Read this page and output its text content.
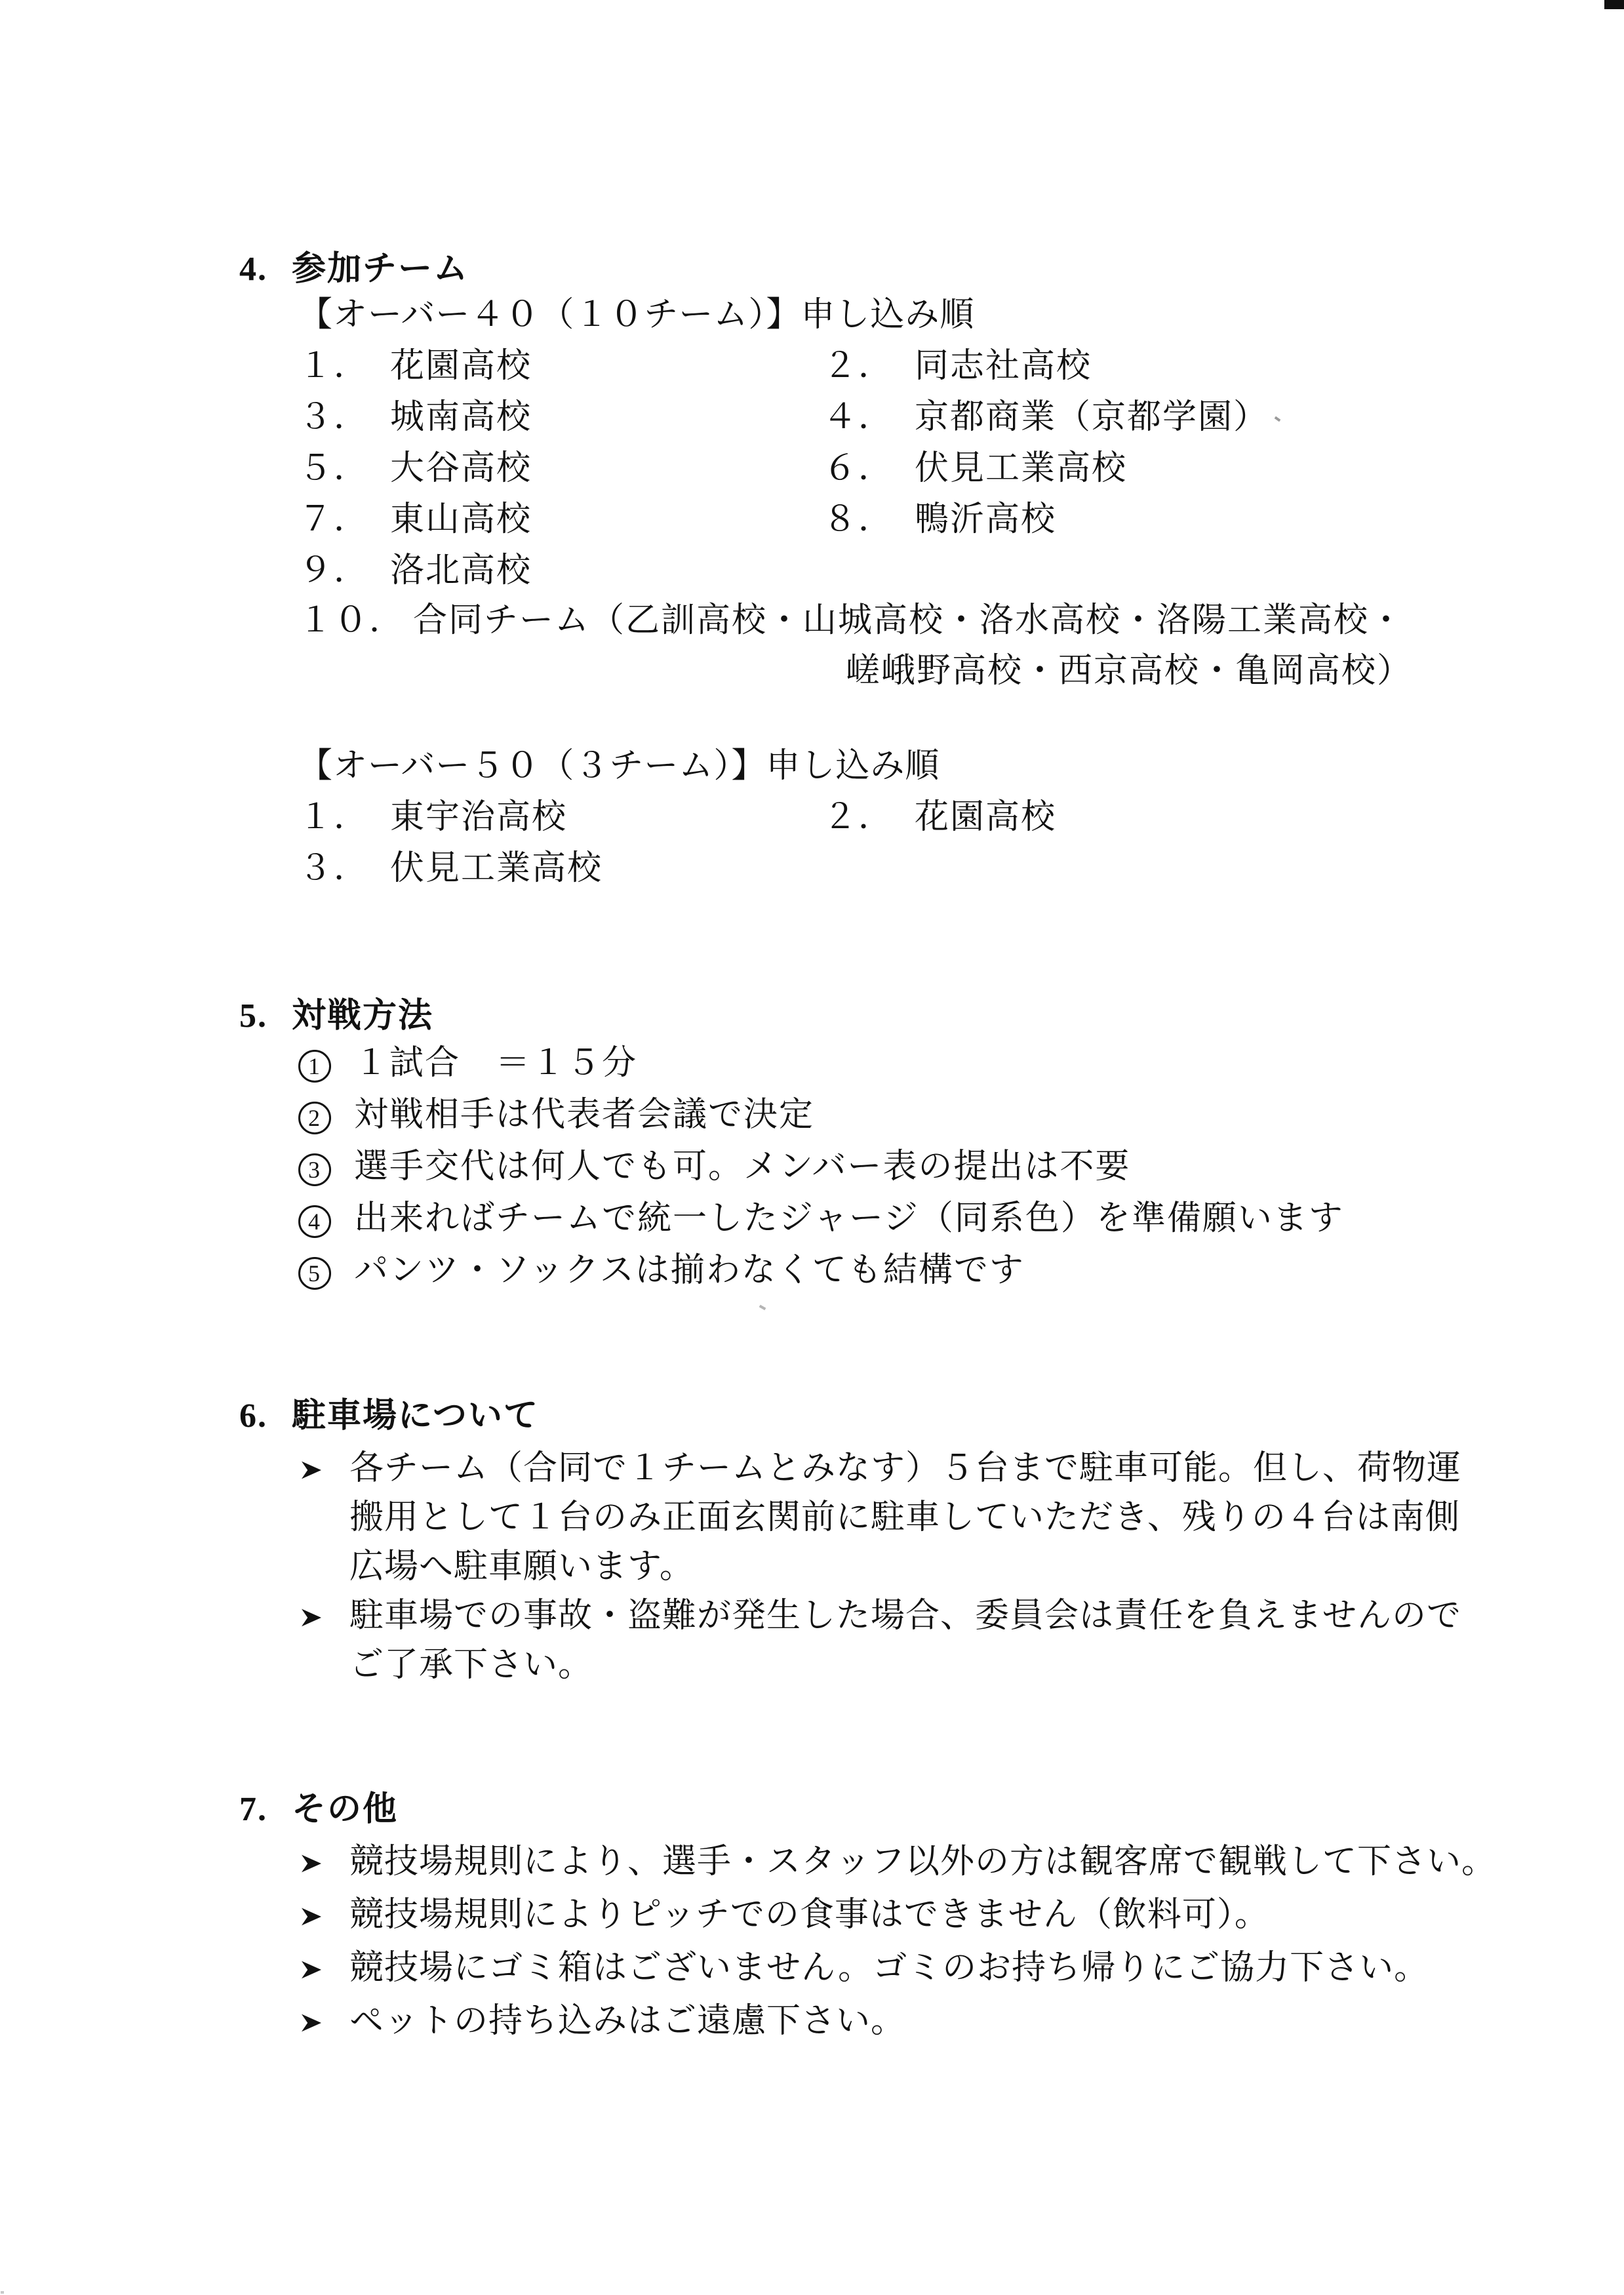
4. 参加チーム
【オーバー４０（１０チーム）】申し込み順
１． 花園高校	２． 同志社高校
３． 城南高校	４． 京都商業（京都学園）
５． 大谷高校	６． 伏見工業高校
７． 東山高校	８． 鴨沂高校
９． 洛北高校
１０． 合同チーム（乙訓高校・山城高校・洛水高校・洛陽工業高校・
嵯峨野高校・西京高校・亀岡高校）
【オーバー５０（３チーム）】申し込み順
１． 東宇治高校	２． 花園高校
３． 伏見工業高校
5. 対戦方法
1 １試合　＝１５分
2 対戦相手は代表者会議で決定
3 選手交代は何人でも可。メンバー表の提出は不要
4 出来ればチームで統一したジャージ（同系色）を準備願います
5 パンツ・ソックスは揃わなくても結構です
6. 駐車場について
各チーム（合同で１チームとみなす）５台まで駐車可能。但し、荷物運
搬用として１台のみ正面玄関前に駐車していただき、残りの４台は南側
広場へ駐車願います。
駐車場での事故・盗難が発生した場合、委員会は責任を負えませんので
ご了承下さい。
7. その他
競技場規則により、選手・スタッフ以外の方は観客席で観戦して下さい。
競技場規則によりピッチでの食事はできません（飲料可）。
競技場にゴミ箱はございません。ゴミのお持ち帰りにご協力下さい。
ペットの持ち込みはご遠慮下さい。
